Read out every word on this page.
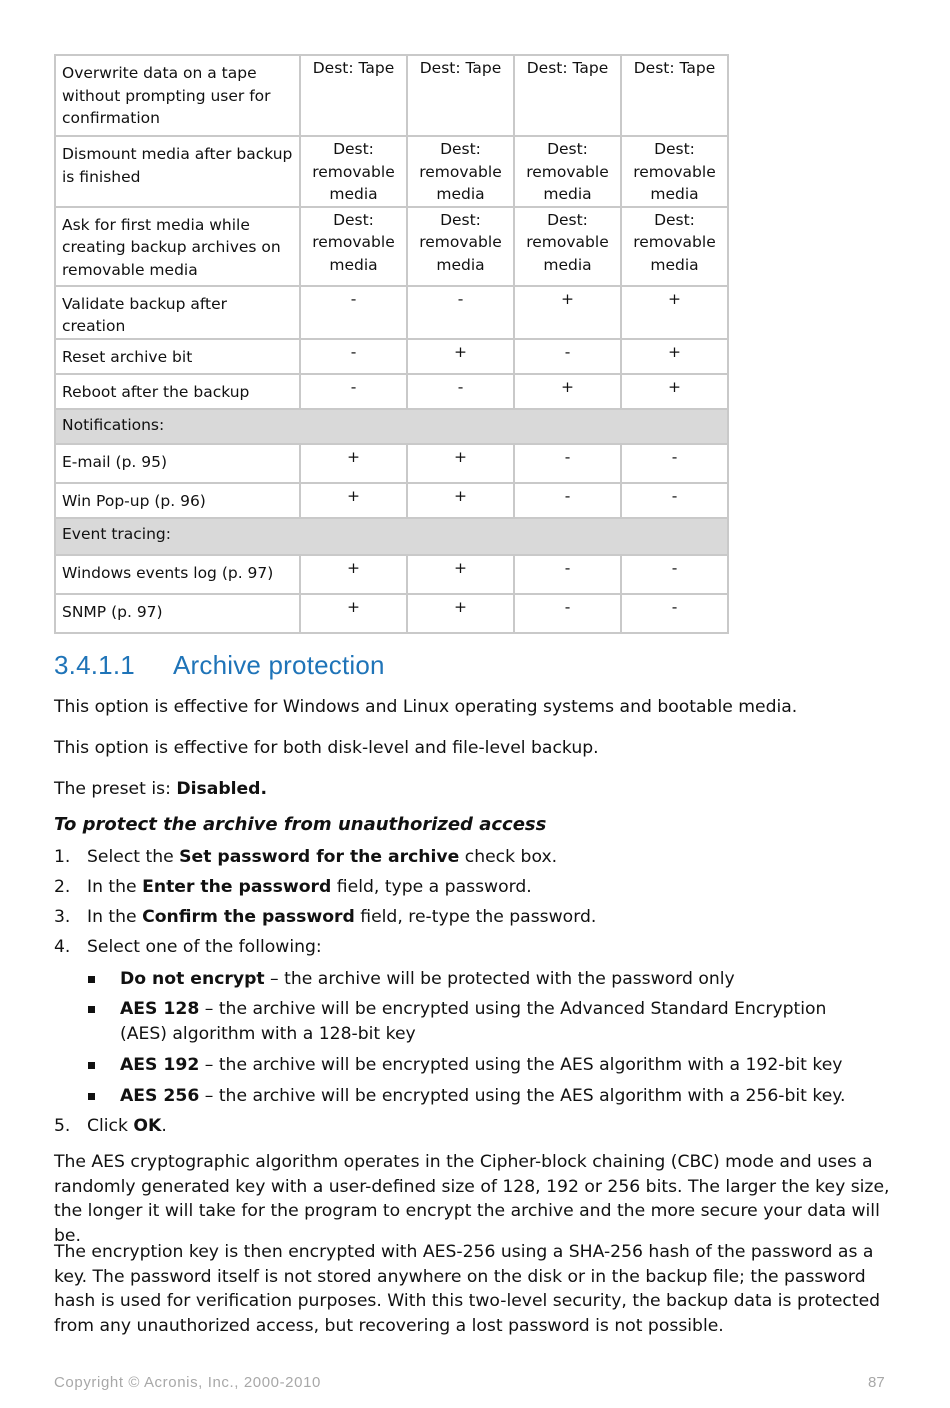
Overwrite data on a tape without prompting user for confirmation	Dest: Tape	Dest: Tape	Dest: Tape	Dest: Tape
Dismount media after backup is finished	Dest: removable media	Dest: removable media	Dest: removable media	Dest: removable media
Ask for first media while creating backup archives on removable media	Dest: removable media	Dest: removable media	Dest: removable media	Dest: removable media
Validate backup after creation	-	-	+	+
Reset archive bit	-	+	-	+
Reboot after the backup	-	-	+	+
Notifications:				
E-mail (p. 95)	+	+	-	-
Win Pop-up (p. 96)	+	+	-	-
Event tracing:				
Windows events log (p. 97)	+	+	-	-
SNMP (p. 97)	+	+	-	-
3.4.1.1 Archive protection

This option is effective for Windows and Linux operating systems and bootable media.

This option is effective for both disk-level and file-level backup.

The preset is: Disabled.

To protect the archive from unauthorized access

1. Select the Set password for the archive check box.
2. In the Enter the password field, type a password.
3. In the Confirm the password field, re-type the password.
4. Select one of the following:
Do not encrypt – the archive will be protected with the password only
AES 128 – the archive will be encrypted using the Advanced Standard Encryption (AES) algorithm with a 128-bit key
AES 192 – the archive will be encrypted using the AES algorithm with a 192-bit key
AES 256 – the archive will be encrypted using the AES algorithm with a 256-bit key.
5. Click OK.

The AES cryptographic algorithm operates in the Cipher-block chaining (CBC) mode and uses a randomly generated key with a user-defined size of 128, 192 or 256 bits. The larger the key size, the longer it will take for the program to encrypt the archive and the more secure your data will be.

The encryption key is then encrypted with AES-256 using a SHA-256 hash of the password as a key. The password itself is not stored anywhere on the disk or in the backup file; the password hash is used for verification purposes. With this two-level security, the backup data is protected from any unauthorized access, but recovering a lost password is not possible.

Copyright © Acronis, Inc., 2000-2010	87
